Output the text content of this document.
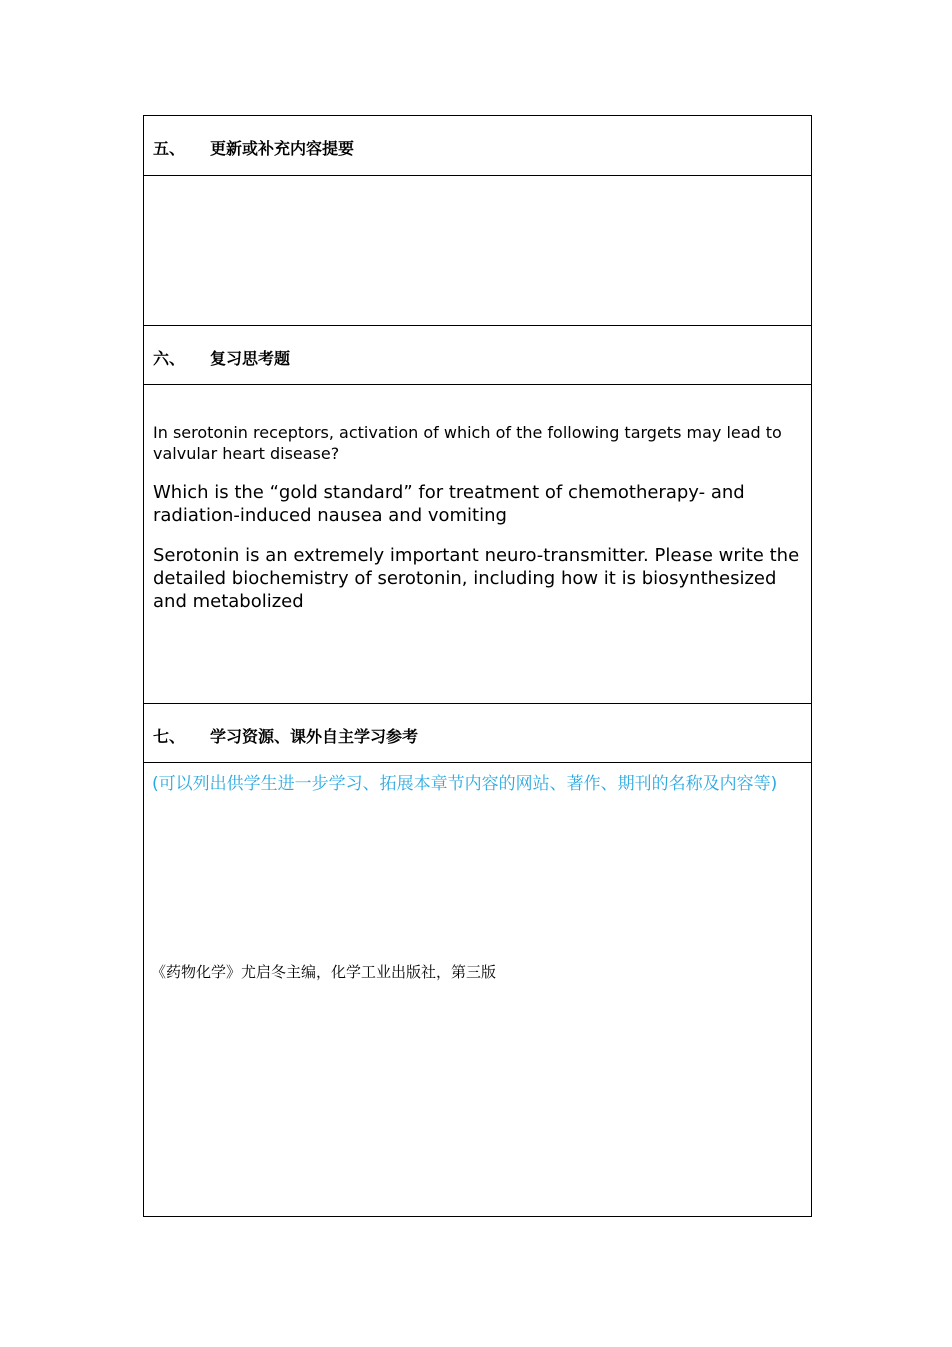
五、 更新或补充内容提要
六、 复习思考题
In serotonin receptors, activation of which of the following targets may lead to valvular heart disease?
Which is the “gold standard” for treatment of chemotherapy- and radiation-induced nausea and vomiting
Serotonin is an extremely important neuro-transmitter. Please write the detailed biochemistry of serotonin, including how it is biosynthesized and metabolized
七、 学习资源、课外自主学习参考
(可以列出供学生进一步学习、拓展本章节内容的网站、著作、期刊的名称及内容等)
《药物化学》尤启冬主编，化学工业出版社，第三版
